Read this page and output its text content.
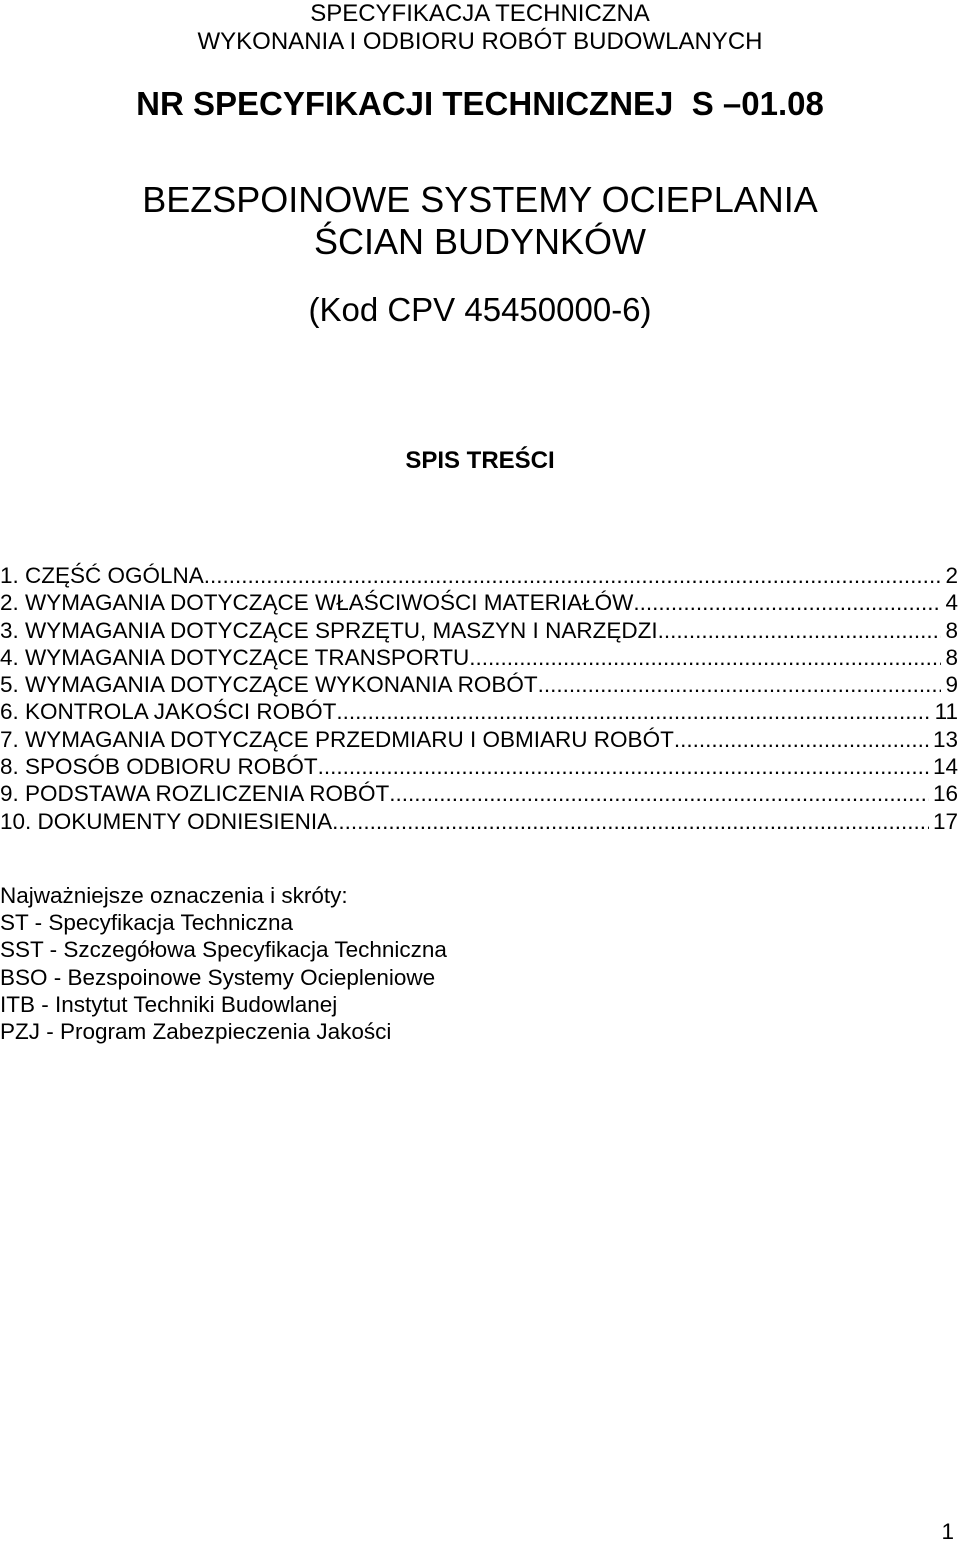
SPECYFIKACJA TECHNICZNA
WYKONANIA I ODBIORU ROBÓT BUDOWLANYCH
NR SPECYFIKACJI TECHNICZNEJ  S –01.08
BEZSPOINOWE SYSTEMY OCIEPLANIA
ŚCIAN BUDYNKÓW
(Kod CPV 45450000-6)
SPIS TREŚCI
1. CZĘŚĆ OGÓLNA .....	2
2. WYMAGANIA DOTYCZĄCE WŁAŚCIWOŚCI MATERIAŁÓW .....	4
3. WYMAGANIA DOTYCZĄCE SPRZĘTU, MASZYN I NARZĘDZI .....	8
4. WYMAGANIA DOTYCZĄCE TRANSPORTU .....	8
5. WYMAGANIA DOTYCZĄCE WYKONANIA ROBÓT .....	9
6. KONTROLA JAKOŚCI ROBÓT .....	11
7. WYMAGANIA DOTYCZĄCE PRZEDMIARU I OBMIARU ROBÓT .....	13
8. SPOSÓB ODBIORU ROBÓT .....	14
9. PODSTAWA ROZLICZENIA ROBÓT .....	16
10. DOKUMENTY ODNIESIENIA .....	17
Najważniejsze oznaczenia i skróty:
ST - Specyfikacja Techniczna
SST - Szczegółowa Specyfikacja Techniczna
BSO - Bezspoinowe Systemy Ociepleniowe
ITB - Instytut Techniki Budowlanej
PZJ - Program Zabezpieczenia Jakości
1
